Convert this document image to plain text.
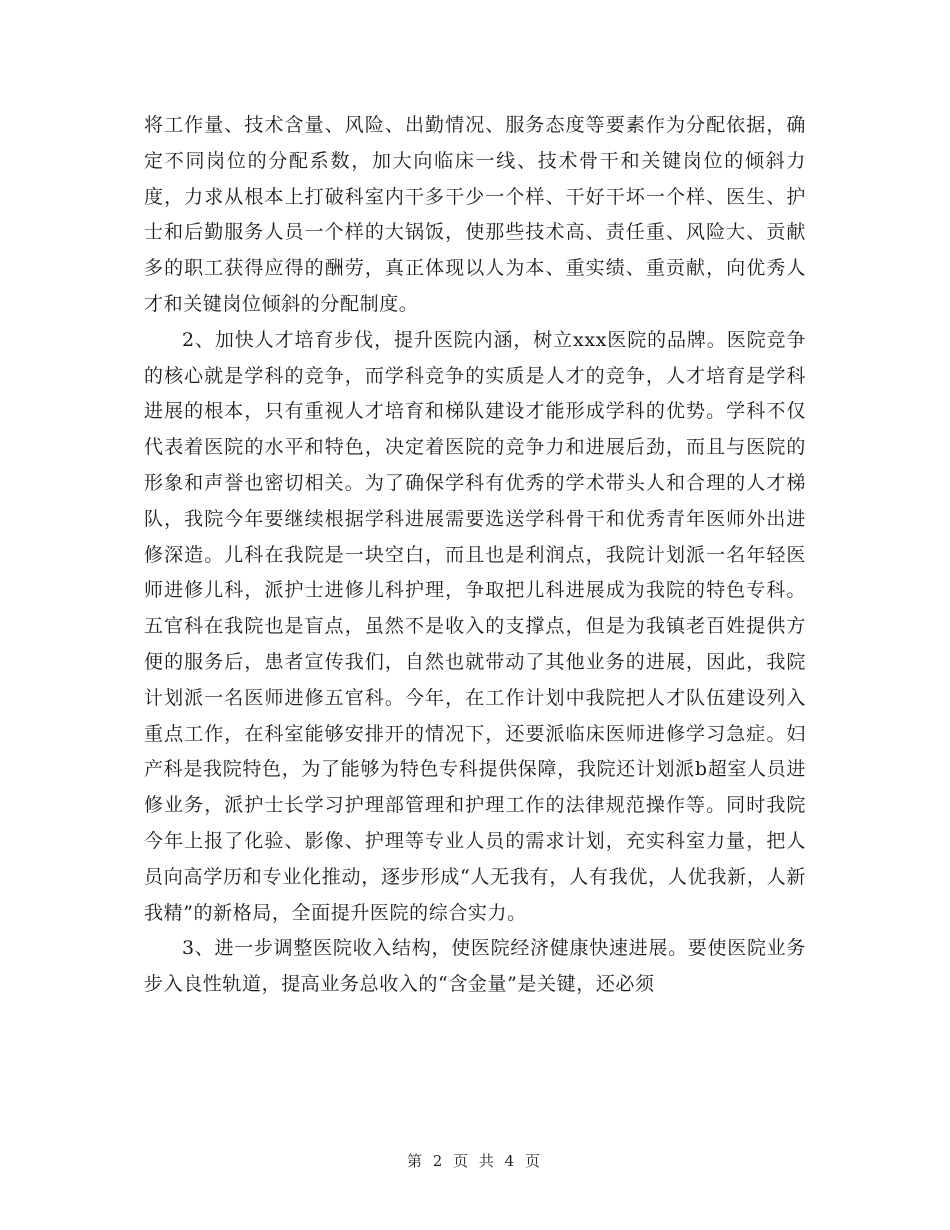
将工作量、技术含量、风险、出勤情况、服务态度等要素作为分配依据，确定不同岗位的分配系数，加大向临床一线、技术骨干和关键岗位的倾斜力度，力求从根本上打破科室内干多干少一个样、干好干坏一个样、医生、护士和后勤服务人员一个样的大锅饭，使那些技术高、责任重、风险大、贡献多的职工获得应得的酬劳，真正体现以人为本、重实绩、重贡献，向优秀人才和关键岗位倾斜的分配制度。

2、加快人才培育步伐，提升医院内涵，树立xxx医院的品牌。医院竞争的核心就是学科的竞争，而学科竞争的实质是人才的竞争，人才培育是学科进展的根本，只有重视人才培育和梯队建设才能形成学科的优势。学科不仅代表着医院的水平和特色，决定着医院的竞争力和进展后劲，而且与医院的形象和声誉也密切相关。为了确保学科有优秀的学术带头人和合理的人才梯队，我院今年要继续根据学科进展需要选送学科骨干和优秀青年医师外出进修深造。儿科在我院是一块空白，而且也是利润点，我院计划派一名年轻医师进修儿科，派护士进修儿科护理，争取把儿科进展成为我院的特色专科。五官科在我院也是盲点，虽然不是收入的支撑点，但是为我镇老百姓提供方便的服务后，患者宣传我们，自然也就带动了其他业务的进展，因此，我院计划派一名医师进修五官科。今年，在工作计划中我院把人才队伍建设列入重点工作，在科室能够安排开的情况下，还要派临床医师进修学习急症。妇产科是我院特色，为了能够为特色专科提供保障，我院还计划派b超室人员进修业务，派护士长学习护理部管理和护理工作的法律规范操作等。同时我院今年上报了化验、影像、护理等专业人员的需求计划，充实科室力量，把人员向高学历和专业化推动，逐步形成“人无我有，人有我优，人优我新，人新我精”的新格局，全面提升医院的综合实力。

3、进一步调整医院收入结构，使医院经济健康快速进展。要使医院业务步入良性轨道，提高业务总收入的“含金量”是关键，还必须

第 2 页 共 4 页
